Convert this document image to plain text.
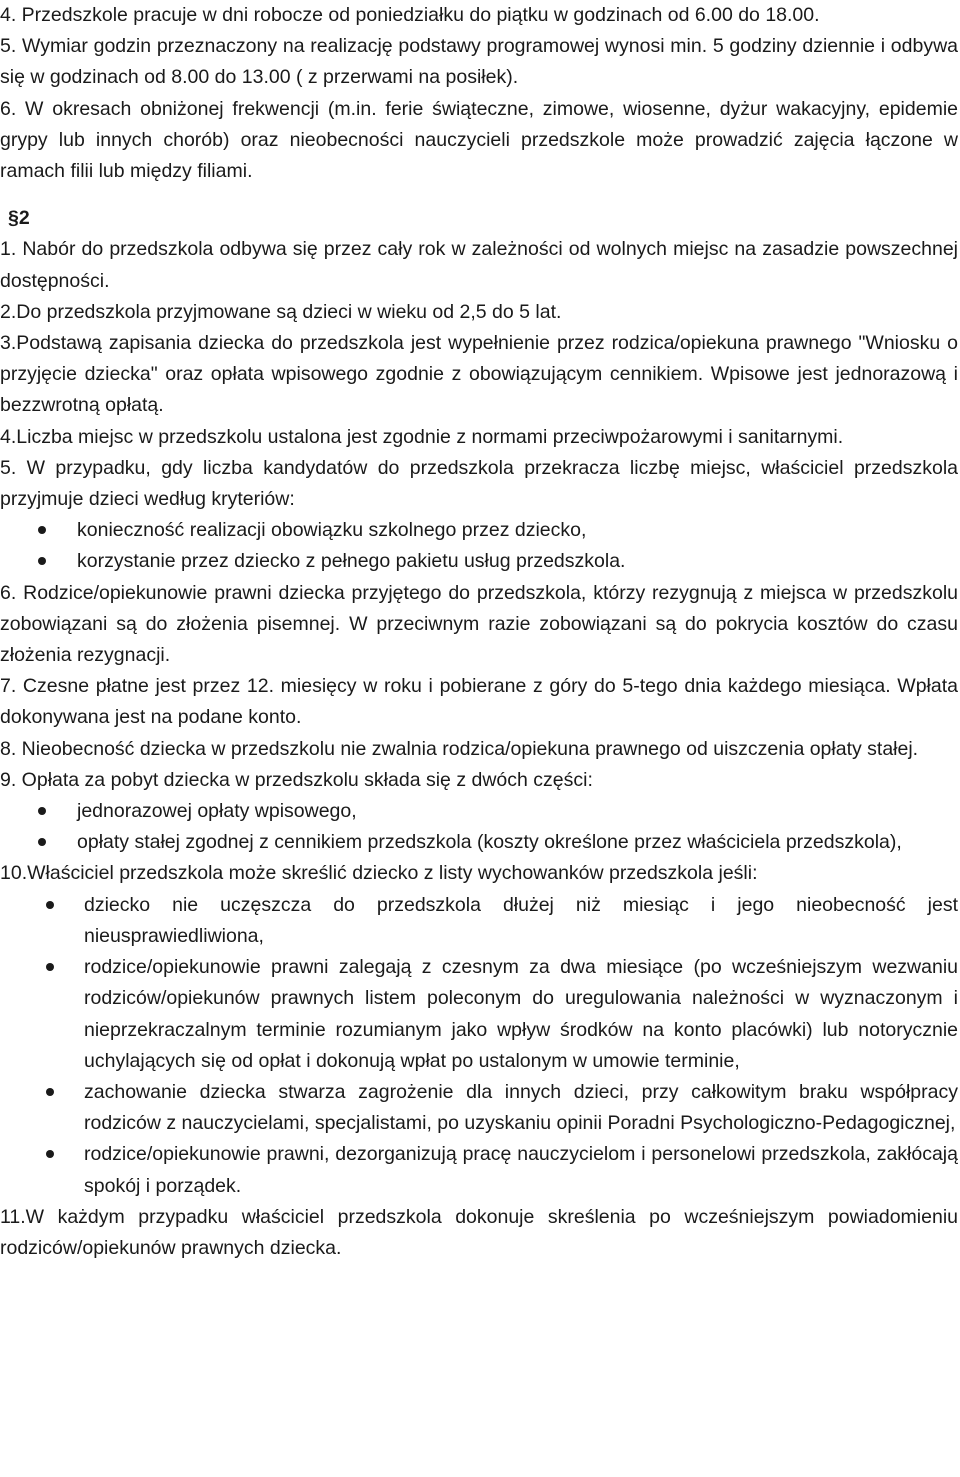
4. Przedszkole pracuje w dni robocze od poniedziałku do piątku w godzinach od 6.00 do 18.00.

5. Wymiar godzin przeznaczony na realizację podstawy programowej wynosi min. 5 godziny dziennie i odbywa się w godzinach od 8.00 do 13.00 ( z przerwami na posiłek).

6. W okresach obniżonej frekwencji (m.in. ferie świąteczne, zimowe, wiosenne, dyżur wakacyjny, epidemie grypy lub innych chorób) oraz nieobecności nauczycieli przedszkole może prowadzić zajęcia łączone w ramach filii lub między filiami.

§2

1. Nabór do przedszkola odbywa się przez cały rok w zależności od wolnych miejsc na zasadzie powszechnej dostępności.

2.Do przedszkola przyjmowane są dzieci w wieku od 2,5 do 5 lat.

3.Podstawą zapisania dziecka do przedszkola jest wypełnienie przez rodzica/opiekuna prawnego "Wniosku o przyjęcie dziecka" oraz opłata wpisowego zgodnie z obowiązującym cennikiem. Wpisowe jest jednorazową i bezzwrotną opłatą.

4.Liczba miejsc w przedszkolu ustalona jest zgodnie z normami przeciwpożarowymi i sanitarnymi.

5. W przypadku, gdy liczba kandydatów do przedszkola przekracza liczbę miejsc, właściciel przedszkola przyjmuje dzieci według kryteriów:

konieczność realizacji obowiązku szkolnego przez dziecko,
korzystanie przez dziecko z pełnego pakietu usług przedszkola.

6. Rodzice/opiekunowie prawni dziecka przyjętego do przedszkola, którzy rezygnują z miejsca w przedszkolu zobowiązani są do złożenia pisemnej. W przeciwnym razie zobowiązani są do pokrycia kosztów do czasu złożenia rezygnacji.

7. Czesne płatne jest przez 12. miesięcy w roku i pobierane z góry do 5-tego dnia każdego miesiąca. Wpłata dokonywana jest na podane konto.

8. Nieobecność dziecka w przedszkolu nie zwalnia rodzica/opiekuna prawnego od uiszczenia opłaty stałej.

9. Opłata za pobyt dziecka w przedszkolu składa się z dwóch części:

jednorazowej opłaty wpisowego,
opłaty stałej zgodnej z cennikiem przedszkola (koszty określone przez właściciela przedszkola),

10.Właściciel przedszkola może skreślić dziecko z listy wychowanków przedszkola jeśli:

dziecko nie uczęszcza do przedszkola dłużej niż miesiąc i jego nieobecność jest nieusprawiedliwiona,
rodzice/opiekunowie prawni zalegają z czesnym za dwa miesiące (po wcześniejszym wezwaniu rodziców/opiekunów prawnych listem poleconym do uregulowania należności w wyznaczonym i nieprzekraczalnym terminie rozumianym jako wpływ środków na konto placówki) lub notorycznie uchylających się od opłat i dokonują wpłat po ustalonym w umowie terminie,
zachowanie dziecka stwarza zagrożenie dla innych dzieci, przy całkowitym braku współpracy rodziców z nauczycielami, specjalistami, po uzyskaniu opinii Poradni Psychologiczno-Pedagogicznej,
rodzice/opiekunowie prawni, dezorganizują pracę nauczycielom i personelowi przedszkola, zakłócają spokój i porządek.

11.W każdym przypadku właściciel przedszkola dokonuje skreślenia po wcześniejszym powiadomieniu rodziców/opiekunów prawnych dziecka.
